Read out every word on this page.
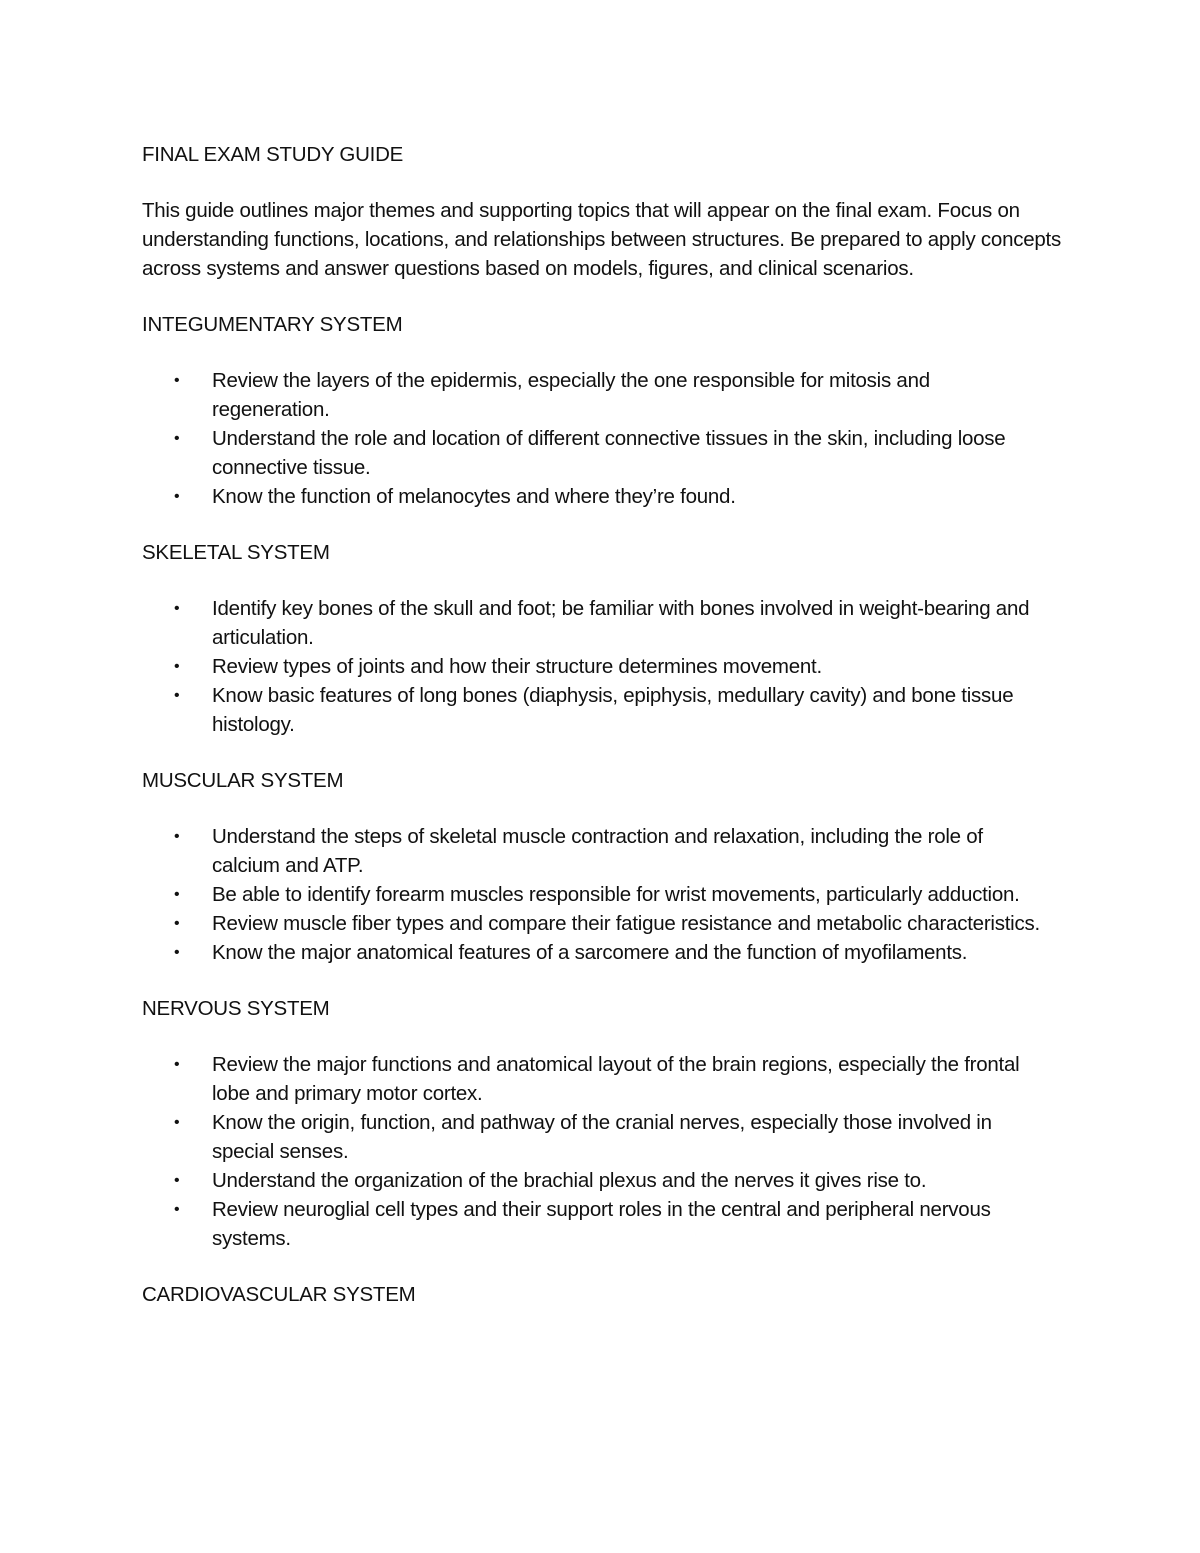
FINAL EXAM STUDY GUIDE

This guide outlines major themes and supporting topics that will appear on the final exam. Focus on understanding functions, locations, and relationships between structures. Be prepared to apply concepts across systems and answer questions based on models, figures, and clinical scenarios.

INTEGUMENTARY SYSTEM
• Review the layers of the epidermis, especially the one responsible for mitosis and regeneration.
• Understand the role and location of different connective tissues in the skin, including loose connective tissue.
• Know the function of melanocytes and where they’re found.
SKELETAL SYSTEM
• Identify key bones of the skull and foot; be familiar with bones involved in weight-bearing and articulation.
• Review types of joints and how their structure determines movement.
• Know basic features of long bones (diaphysis, epiphysis, medullary cavity) and bone tissue histology.
MUSCULAR SYSTEM
• Understand the steps of skeletal muscle contraction and relaxation, including the role of calcium and ATP.
• Be able to identify forearm muscles responsible for wrist movements, particularly adduction.
• Review muscle fiber types and compare their fatigue resistance and metabolic characteristics.
• Know the major anatomical features of a sarcomere and the function of myofilaments.
NERVOUS SYSTEM
• Review the major functions and anatomical layout of the brain regions, especially the frontal lobe and primary motor cortex.
• Know the origin, function, and pathway of the cranial nerves, especially those involved in special senses.
• Understand the organization of the brachial plexus and the nerves it gives rise to.
• Review neuroglial cell types and their support roles in the central and peripheral nervous systems.
CARDIOVASCULAR SYSTEM
